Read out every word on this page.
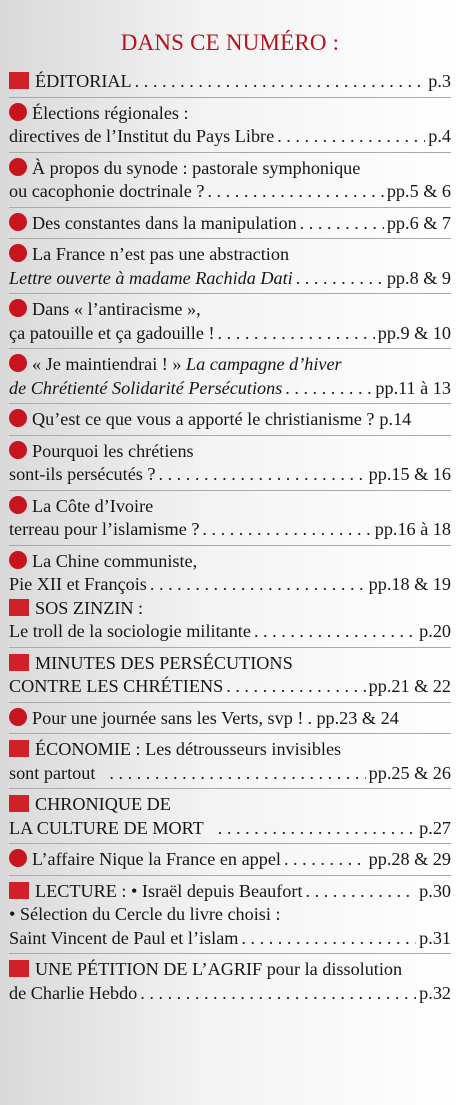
DANS CE NUMÉRO :
ÉDITORIAL . . .	p.3
Élections régionales :
directives de l’Institut du Pays Libre . . .	p.4
À propos du synode : pastorale symphonique
ou cacophonie doctrinale ? . . .	pp.5 & 6
Des constantes dans la manipulation . . .	pp.6 & 7
La France n’est pas une abstraction
Lettre ouverte à madame Rachida Dati . . .	pp.8 & 9
Dans « l’antiracisme »,
ça patouille et ça gadouille ! . . .	pp.9 & 10
« Je maintiendrai ! » La campagne d’hiver
de Chrétienté Solidarité Persécutions . . .	pp.11 à 13
Qu’est ce que vous a apporté le christianisme ? p.14
Pourquoi les chrétiens
sont-ils persécutés ? . . .	pp.15 & 16
La Côte d’Ivoire
terreau pour l’islamisme ? . . .	pp.16 à 18
La Chine communiste,
Pie XII et François . . .	pp.18 & 19
SOS ZINZIN :
Le troll de la sociologie militante . . .	p.20
MINUTES DES PERSÉCUTIONS
CONTRE LES CHRÉTIENS . . .	pp.21 & 22
Pour une journée sans les Verts, svp ! . . . pp.23 & 24
ÉCONOMIE : Les détrousseurs invisibles
sont partout . . .	pp.25 & 26
CHRONIQUE DE
LA CULTURE DE MORT . . .	p.27
L’affaire Nique la France en appel . . .	pp.28 & 29
LECTURE : • Israël depuis Beaufort . . .	p.30
• Sélection du Cercle du livre choisi :
Saint Vincent de Paul et l’islam . . .	p.31
UNE PÉTITION DE L’AGRIF pour la dissolution
de Charlie Hebdo . . .	p.32
